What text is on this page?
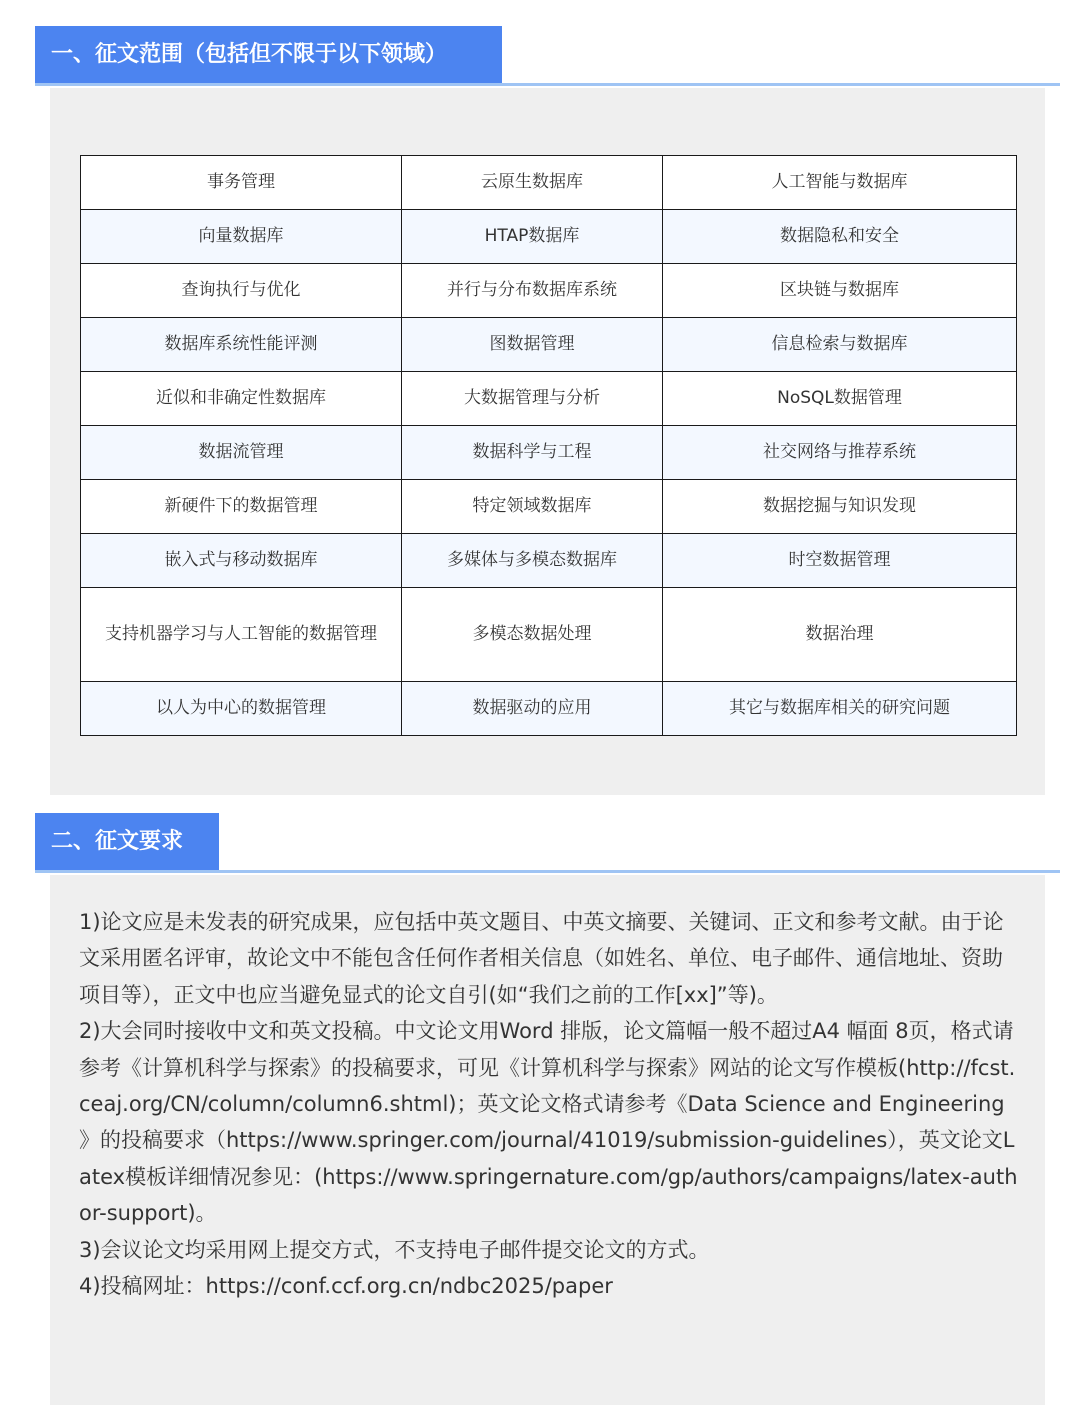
一、征文范围（包括但不限于以下领域）
事务管理	云原生数据库	人工智能与数据库
向量数据库	HTAP数据库	数据隐私和安全
查询执行与优化	并行与分布数据库系统	区块链与数据库
数据库系统性能评测	图数据管理	信息检索与数据库
近似和非确定性数据库	大数据管理与分析	NoSQL数据管理
数据流管理	数据科学与工程	社交网络与推荐系统
新硬件下的数据管理	特定领域数据库	数据挖掘与知识发现
嵌入式与移动数据库	多媒体与多模态数据库	时空数据管理
支持机器学习与人工智能的数据管理	多模态数据处理	数据治理
以人为中心的数据管理	数据驱动的应用	其它与数据库相关的研究问题
二、征文要求

1)论文应是未发表的研究成果，应包括中英文题目、中英文摘要、关键词、正文和参考文献。由于论文采用匿名评审，故论文中不能包含任何作者相关信息（如姓名、单位、电子邮件、通信地址、资助项目等），正文中也应当避免显式的论文自引(如“我们之前的工作[xx]”等)。

2)大会同时接收中文和英文投稿。中文论文用Word 排版，论文篇幅一般不超过A4 幅面 8页，格式请参考《计算机科学与探索》的投稿要求，可见《计算机科学与探索》网站的论文写作模板(http://fcst.ceaj.org/CN/column/column6.shtml)；英文论文格式请参考《Data Science and Engineering 》的投稿要求（https://www.springer.com/journal/41019/submission-guidelines），英文论文Latex模板详细情况参见：(https://www.springernature.com/gp/authors/campaigns/latex-author-support)。

3)会议论文均采用网上提交方式，不支持电子邮件提交论文的方式。

4)投稿网址：https://conf.ccf.org.cn/ndbc2025/paper
